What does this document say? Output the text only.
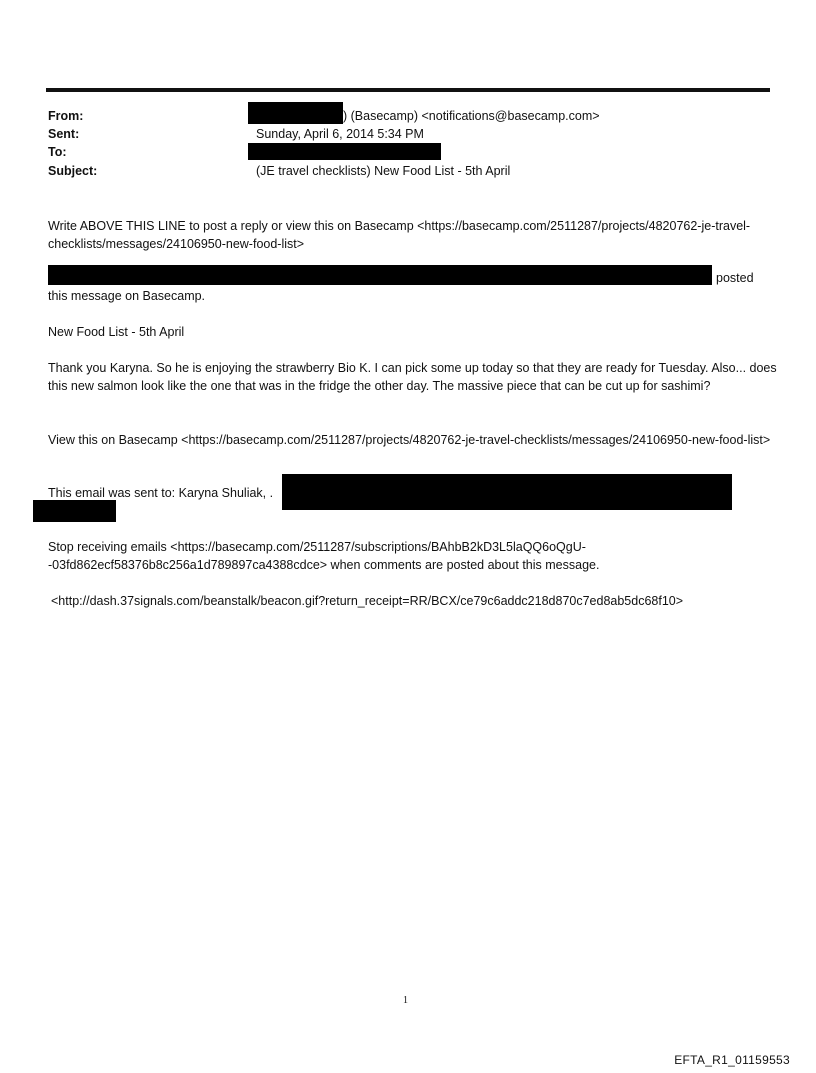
From:
Sent:
To:
Subject:
) (Basecamp) <notifications@basecamp.com>
Sunday, April 6, 2014 5:34 PM
(JE travel checklists) New Food List - 5th April
Write ABOVE THIS LINE to post a reply or view this on Basecamp <https://basecamp.com/2511287/projects/4820762-je-travel-checklists/messages/24106950-new-food-list>
posted
this message on Basecamp.
New Food List - 5th April
Thank you Karyna. So he is enjoying the strawberry Bio K. I can pick some up today so that they are ready for Tuesday. Also... does this new salmon look like the one that was in the fridge the other day. The massive piece that can be cut up for sashimi?
View this on Basecamp <https://basecamp.com/2511287/projects/4820762-je-travel-checklists/messages/24106950-new-food-list>
This email was sent to: Karyna Shuliak, .
Stop receiving emails <https://basecamp.com/2511287/subscriptions/BAhbB2kD3L5laQQ6oQgU--03fd862ecf58376b8c256a1d789897ca4388cdce> when comments are posted about this message.
<http://dash.37signals.com/beanstalk/beacon.gif?return_receipt=RR/BCX/ce79c6addc218d870c7ed8ab5dc68f10>
1
EFTA_R1_01159553
